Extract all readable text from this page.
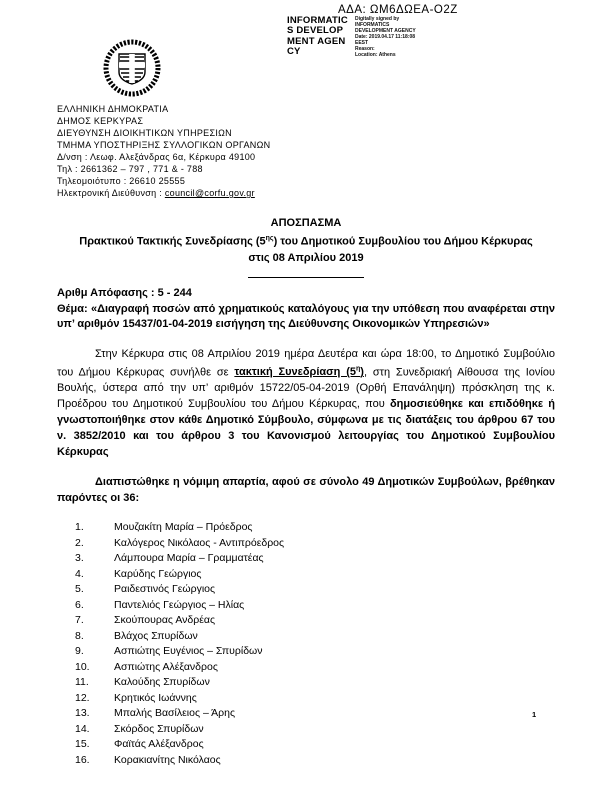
ΑΔΑ: ΩΜ6ΔΩΕΑ-Ο2Ζ
INFORMATICS DEVELOPMENT AGENCY
Digitally signed by
INFORMATICS
DEVELOPMENT AGENCY
Date: 2019.04.17 11:18:08
EEST
Reason:
Location: Athens
ΕΛΛΗΝΙΚΗ ΔΗΜΟΚΡΑΤΙΑ
ΔΗΜΟΣ ΚΕΡΚΥΡΑΣ
ΔΙΕΥΘΥΝΣΗ ΔΙΟΙΚΗΤΙΚΩΝ ΥΠΗΡΕΣΙΩΝ
ΤΜΗΜΑ ΥΠΟΣΤΗΡΙΞΗΣ ΣΥΛΛΟΓΙΚΩΝ ΟΡΓΑΝΩΝ
Δ/νση : Λεωφ. Αλεξάνδρας 6α, Κέρκυρα 49100
Τηλ : 2661362 – 797 , 771 & - 788
Τηλεομοιότυπο : 26610 25555
Ηλεκτρονική Διεύθυνση : council@corfu.gov.gr
ΑΠΟΣΠΑΣΜΑ
Πρακτικού Τακτικής Συνεδρίασης $(5^{\eta\varsigma})$ του Δημοτικού Συμβουλίου του Δήμου Κέρκυρας
στις 08 Απριλίου 2019
Αριθμ Απόφασης : 5 - 244
Θέμα: «Διαγραφή ποσών από χρηματικούς καταλόγους για την υπόθεση που αναφέρεται στην υπ’ αριθμόν 15437/01-04-2019 εισήγηση της Διεύθυνσης Οικονομικών Υπηρεσιών»

Στην Κέρκυρα στις 08 Απριλίου 2019 ημέρα Δευτέρα και ώρα 18:00, το Δημοτικό Συμβούλιο του Δήμου Κέρκυρας συνήλθε σε τακτική Συνεδρίαση $(5^\eta)$, στη Συνεδριακή Αίθουσα της Ιονίου Βουλής, ύστερα από την υπ’ αριθμόν 15722/05-04-2019 (Ορθή Επανάληψη) πρόσκληση της κ. Προέδρου του Δημοτικού Συμβουλίου του Δήμου Κέρκυρας, που δημοσιεύθηκε και επιδόθηκε ή γνωστοποιήθηκε στον κάθε Δημοτικό Σύμβουλο, σύμφωνα με τις διατάξεις του άρθρου 67 του ν. 3852/2010 και του άρθρου 3 του Κανονισμού λειτουργίας του Δημοτικού Συμβουλίου Κέρκυρας

Διαπιστώθηκε η νόμιμη απαρτία, αφού σε σύνολο 49 Δημοτικών Συμβούλων, βρέθηκαν παρόντες οι 36:

1.	Μουζακίτη Μαρία – Πρόεδρος
2.	Καλόγερος Νικόλαος - Αντιπρόεδρος
3.	Λάμπουρα Μαρία – Γραμματέας
4.	Καρύδης Γεώργιος
5.	Ραιδεστινός Γεώργιος
6.	Παντελιός Γεώργιος – Ηλίας
7.	Σκούπουρας Ανδρέας
8.	Βλάχος Σπυρίδων
9.	Ασπιώτης Ευγένιος – Σπυρίδων
10.	Ασπιώτης Αλέξανδρος
11.	Καλούδης Σπυρίδων
12.	Κρητικός Ιωάννης
13.	Μπαλής Βασίλειος – Άρης
14.	Σκόρδος Σπυρίδων
15.	Φαϊτάς Αλέξανδρος
16.	Κορακιανίτης Νικόλαος
1
